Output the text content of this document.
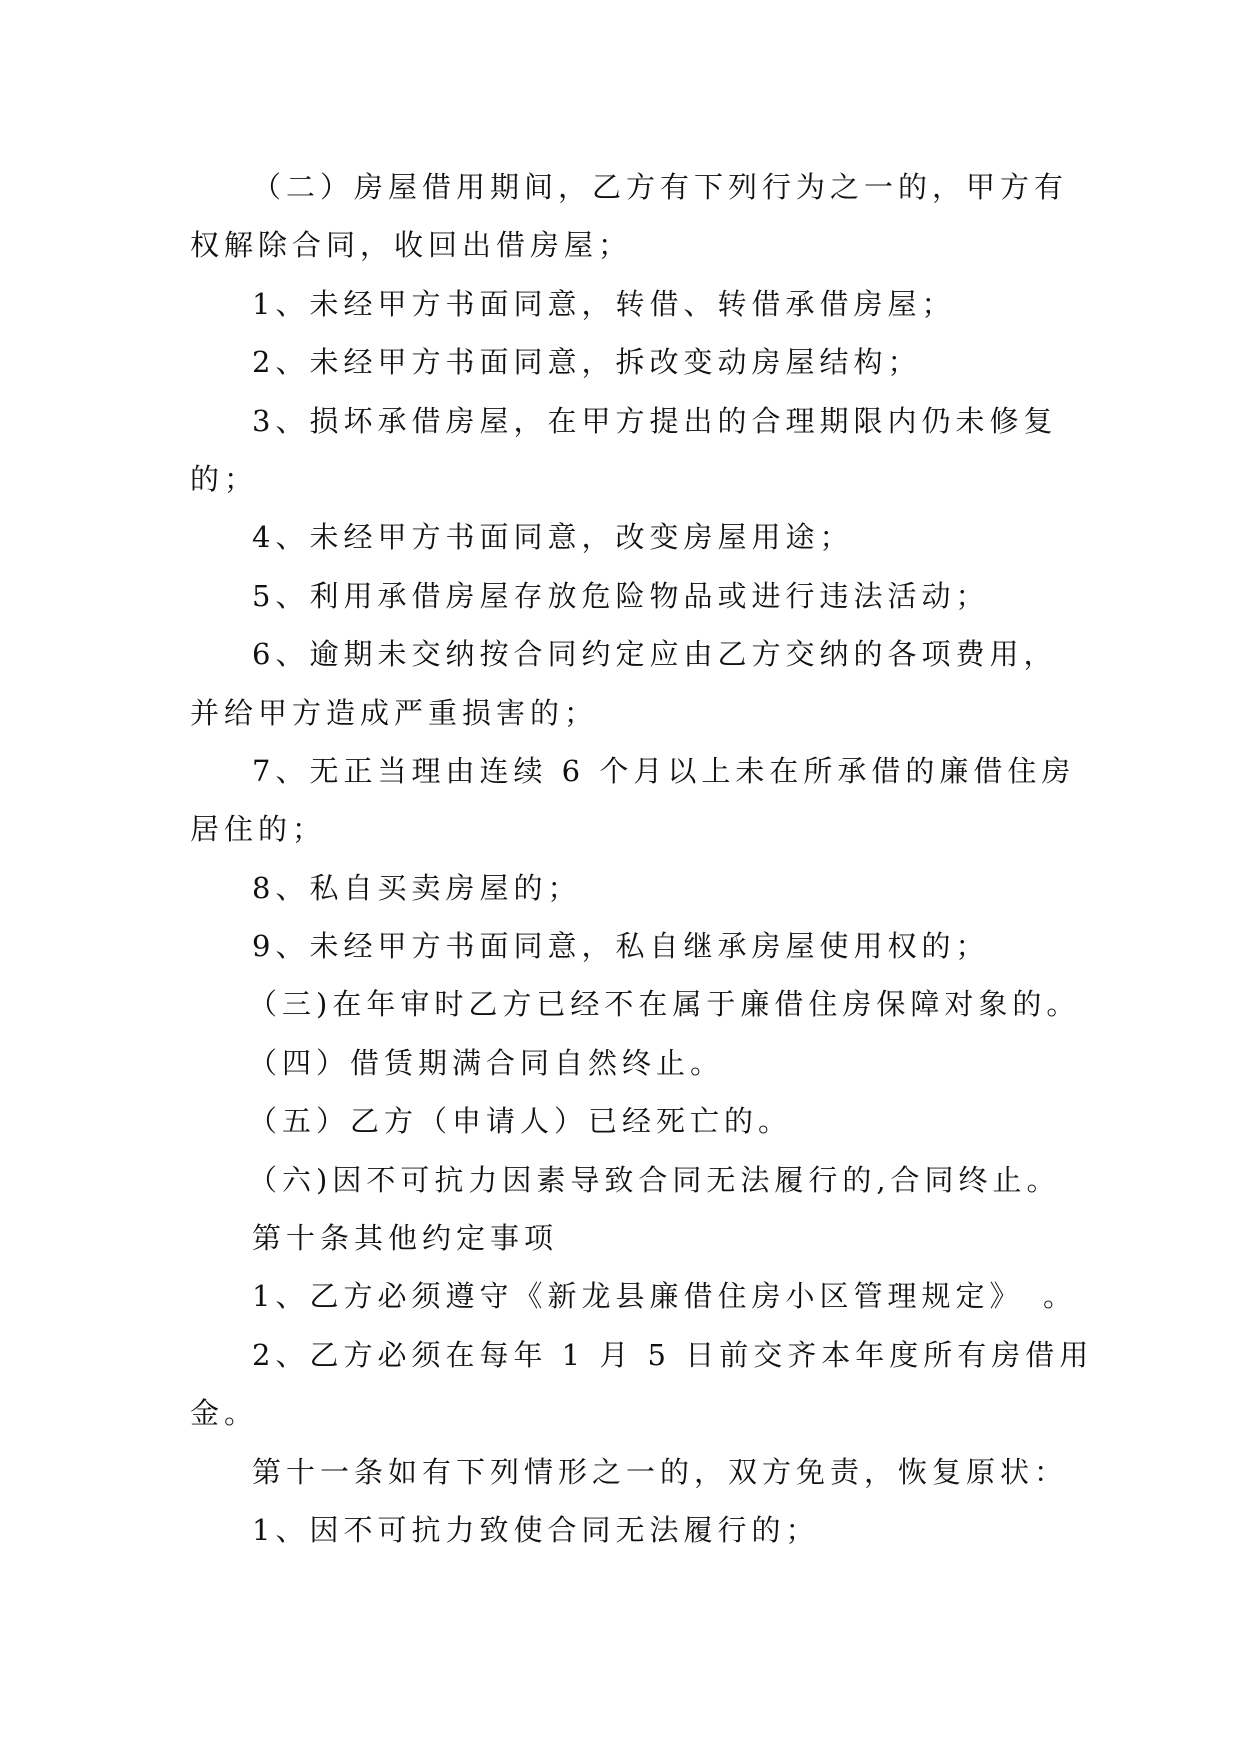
（二）房屋借用期间，乙方有下列行为之一的，甲方有
权解除合同，收回出借房屋；
1、未经甲方书面同意，转借、转借承借房屋；
2、未经甲方书面同意，拆改变动房屋结构；
3、损坏承借房屋，在甲方提出的合理期限内仍未修复
的；
4、未经甲方书面同意，改变房屋用途；
5、利用承借房屋存放危险物品或进行违法活动；
6、逾期未交纳按合同约定应由乙方交纳的各项费用，
并给甲方造成严重损害的；
7、无正当理由连续 6 个月以上未在所承借的廉借住房
居住的；
8、私自买卖房屋的；
9、未经甲方书面同意，私自继承房屋使用权的；
（三)在年审时乙方已经不在属于廉借住房保障对象的。
（四）借赁期满合同自然终止。
（五）乙方（申请人）已经死亡的。
（六)因不可抗力因素导致合同无法履行的,合同终止。
第十条其他约定事项
1、乙方必须遵守《新龙县廉借住房小区管理规定》　。
2、乙方必须在每年 1 月 5 日前交齐本年度所有房借用
金。
第十一条如有下列情形之一的，双方免责，恢复原状：
1、因不可抗力致使合同无法履行的；
